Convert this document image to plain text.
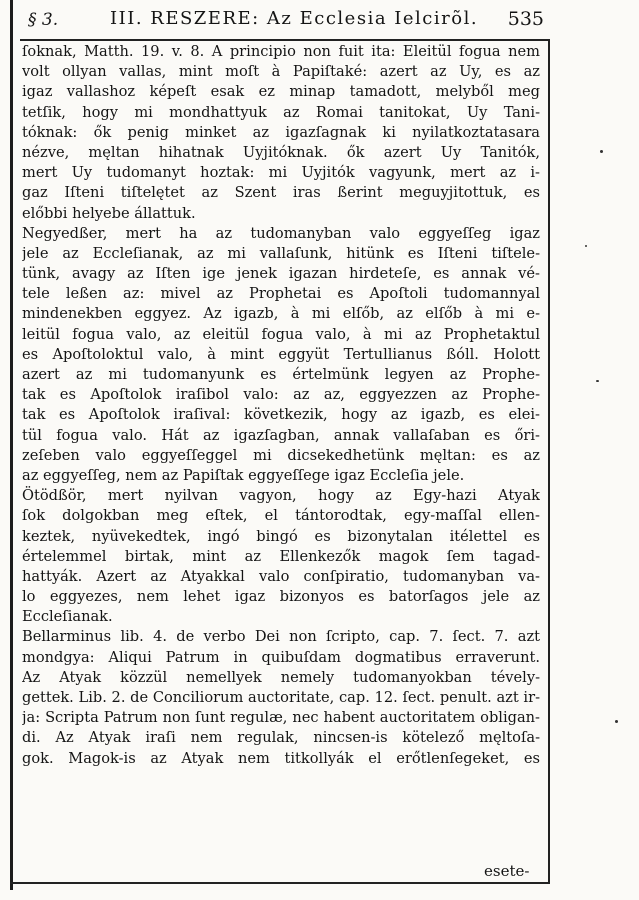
§ 3.	III. RESZERE: Az Ecclesia Ielcirõl. 535
ſoknak, Matth. 19. v. 8. A principio non fuit ita: Eleitül fogua nem
volt ollyan vallas, mint moſt à Papiſtaké: azert az Uy, es az
igaz vallashoz képeſt esak ez minap tamadott, melyből meg
tetſik, hogy mi mondhattyuk az Romai tanitokat, Uy Tani-
tóknak: ők penig minket az igazſagnak ki nyilatkoztatasara
nézve, męltan hihatnak Uyjitóknak. ők azert Uy Tanitók,
mert Uy tudomanyt hoztak: mi Uyjitók vagyunk, mert az i-
gaz Iſteni tiſtelętet az Szent iras ßerint meguyjitottuk, es
előbbi helyebe állattuk.
Negyedßer, mert ha az tudomanyban valo eggyeſſeg igaz
jele az Eccleſianak, az mi vallaſunk, hitünk es Iſteni tiſtele-
tünk, avagy az Iſten ige jenek igazan hirdeteſe, es annak vé-
tele leßen az: mivel az Prophetai es Apoſtoli tudomannyal
mindenekben eggyez. Az igazb, à mi elſőb, az elſőb à mi e-
leitül fogua valo, az eleitül fogua valo, à mi az Prophetaktul
es Apoſtoloktul valo, à mint eggyüt Tertullianus ßóll. Holott
azert az mi tudomanyunk es értelmünk legyen az Prophe-
tak es Apoſtolok iraſibol valo: az az, eggyezzen az Prophe-
tak es Apoſtolok iraſival: következik, hogy az igazb, es elei-
tül fogua valo. Hát az igazſagban, annak vallaſaban es őri-
zeſeben valo eggyeſſeggel mi dicsekedhetünk męltan: es az
az eggyeſſeg, nem az Papiſtak eggyeſſege igaz Eccleſia jele.
Ötödßör, mert nyilvan vagyon, hogy az Egy-hazi Atyak
ſok dolgokban meg eſtek, el tántorodtak, egy-maſſal ellen-
keztek, nyüvekedtek, ingó bingó es bizonytalan itélettel es
értelemmel birtak, mint az Ellenkezők magok ſem tagad-
hattyák. Azert az Atyakkal valo conſpiratio, tudomanyban va-
lo eggyezes, nem lehet igaz bizonyos es batorſagos jele az
Eccleſianak.
Bellarminus lib. 4. de verbo Dei non ſcripto, cap. 7. ſect. 7. azt
mondgya: Aliqui Patrum in quibuſdam dogmatibus erraverunt.
Az Atyak közzül nemellyek nemely tudomanyokban tévely-
gettek. Lib. 2. de Conciliorum auctoritate, cap. 12. ſect. penult. azt ir-
ja: Scripta Patrum non ſunt regulæ, nec habent auctoritatem obligan-
di. Az Atyak iraſi nem regulak, nincsen-is kötelező męltoſa-
gok. Magok-is az Atyak nem titkollyák el erőtlenſegeket, es
esete-
